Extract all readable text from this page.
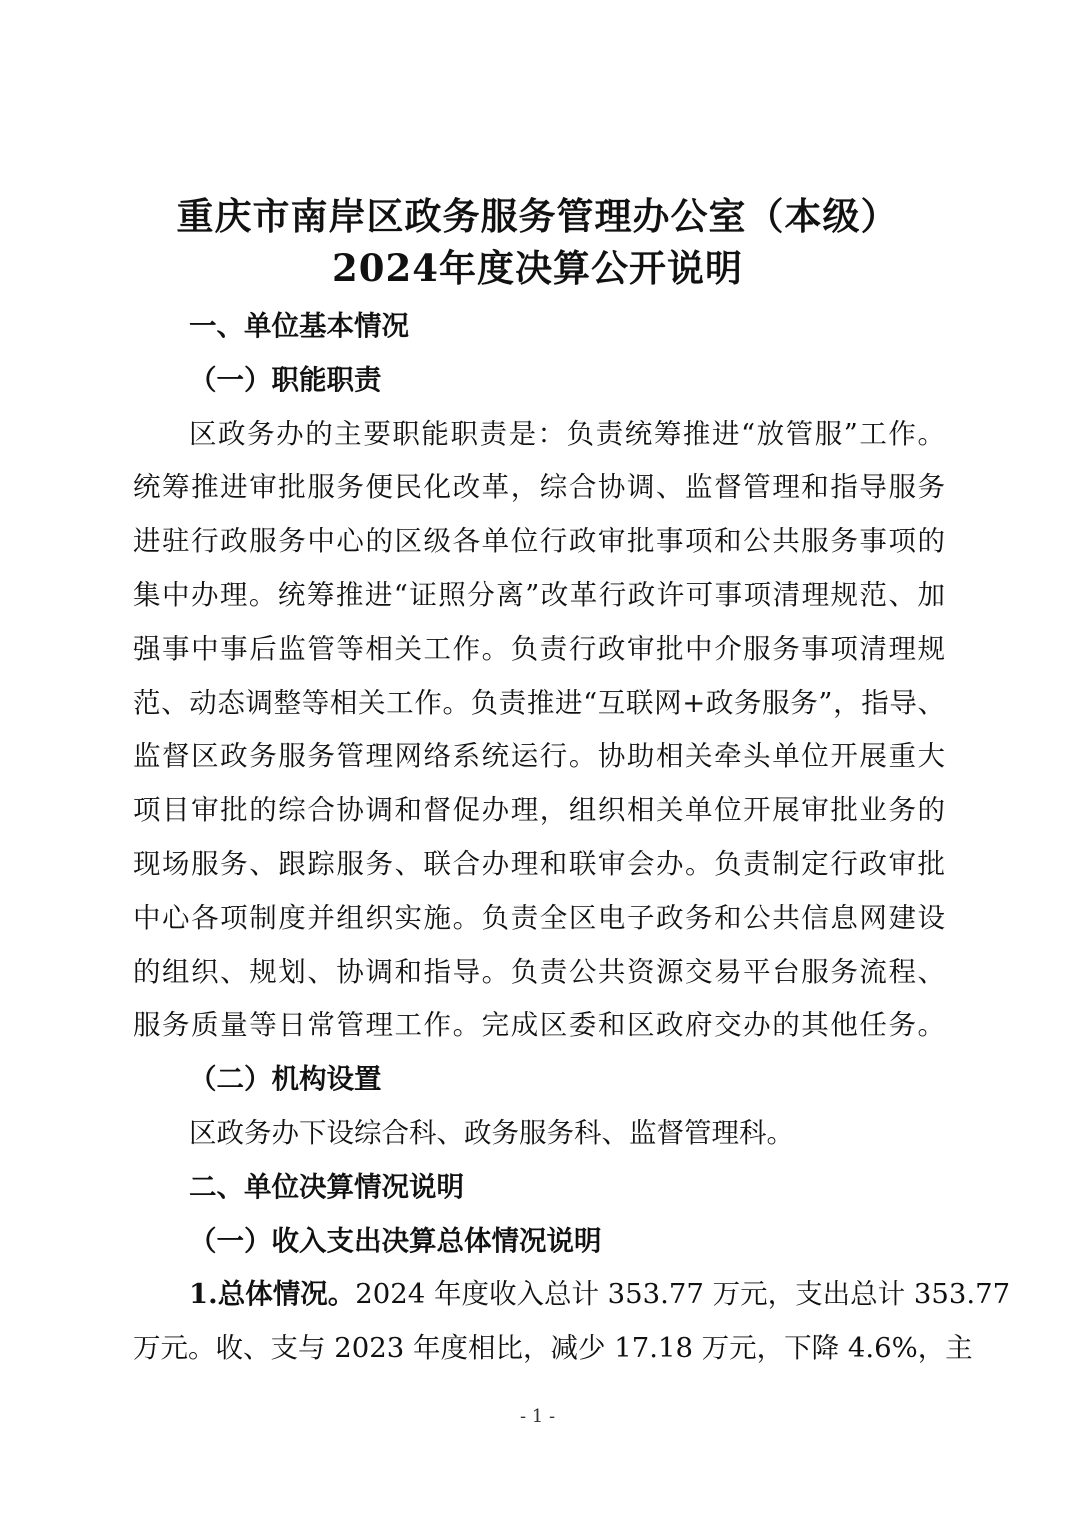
重庆市南岸区政务服务管理办公室（本级）
2024年度决算公开说明
一、单位基本情况
（一）职能职责
区政务办的主要职能职责是：负责统筹推进“放管服”工作。
统筹推进审批服务便民化改革，综合协调、监督管理和指导服务
进驻行政服务中心的区级各单位行政审批事项和公共服务事项的
集中办理。统筹推进“证照分离”改革行政许可事项清理规范、加
强事中事后监管等相关工作。负责行政审批中介服务事项清理规
范、动态调整等相关工作。负责推进“互联网+政务服务”，指导、
监督区政务服务管理网络系统运行。协助相关牵头单位开展重大
项目审批的综合协调和督促办理，组织相关单位开展审批业务的
现场服务、跟踪服务、联合办理和联审会办。负责制定行政审批
中心各项制度并组织实施。负责全区电子政务和公共信息网建设
的组织、规划、协调和指导。负责公共资源交易平台服务流程、
服务质量等日常管理工作。完成区委和区政府交办的其他任务。
（二）机构设置
区政务办下设综合科、政务服务科、监督管理科。
二、单位决算情况说明
（一）收入支出决算总体情况说明
1.总体情况。2024 年度收入总计 353.77 万元，支出总计 353.77
万元。收、支与 2023 年度相比，减少 17.18 万元，下降 4.6%，主
- 1 -
